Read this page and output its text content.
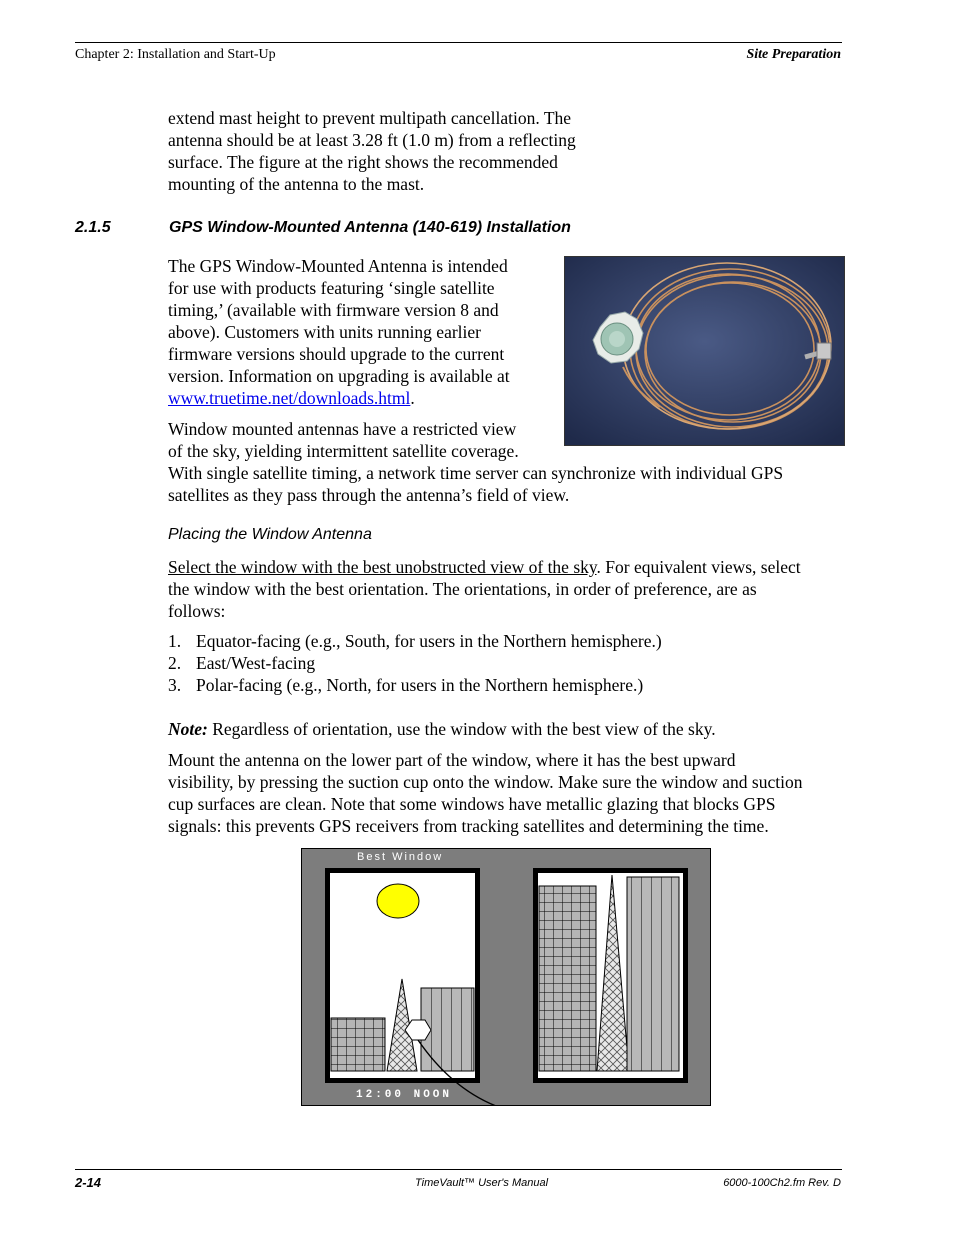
Chapter 2: Installation and Start-Up	Site Preparation
extend mast height to prevent multipath cancellation. The
antenna should be at least 3.28 ft (1.0 m) from a reflecting
surface. The figure at the right shows the recommended
mounting of the antenna to the mast.
2.1.5	GPS Window-Mounted Antenna (140-619) Installation
The GPS Window-Mounted Antenna is intended
for use with products featuring ‘single satellite
timing,’ (available with firmware version 8 and
above). Customers with units running earlier
firmware versions should upgrade to the current
version. Information on upgrading is available at
www.truetime.net/downloads.html.
Window mounted antennas have a restricted view
of the sky, yielding intermittent satellite coverage.
With single satellite timing, a network time server can synchronize with individual GPS
satellites as they pass through the antenna’s field of view.
Placing the Window Antenna
Select the window with the best unobstructed view of the sky. For equivalent views, select
the window with the best orientation. The orientations, in order of preference, are as
follows:
1. Equator-facing (e.g., South, for users in the Northern hemisphere.)
2. East/West-facing
3. Polar-facing (e.g., North, for users in the Northern hemisphere.)
Note: Regardless of orientation, use the window with the best view of the sky.
Mount the antenna on the lower part of the window, where it has the best upward
visibility, by pressing the suction cup onto the window. Make sure the window and suction
cup surfaces are clean. Note that some windows have metallic glazing that blocks GPS
signals: this prevents GPS receivers from tracking satellites and determining the time.
Best Window
12:00 NOON
2-14	TimeVault™ User's Manual	6000-100Ch2.fm Rev. D
